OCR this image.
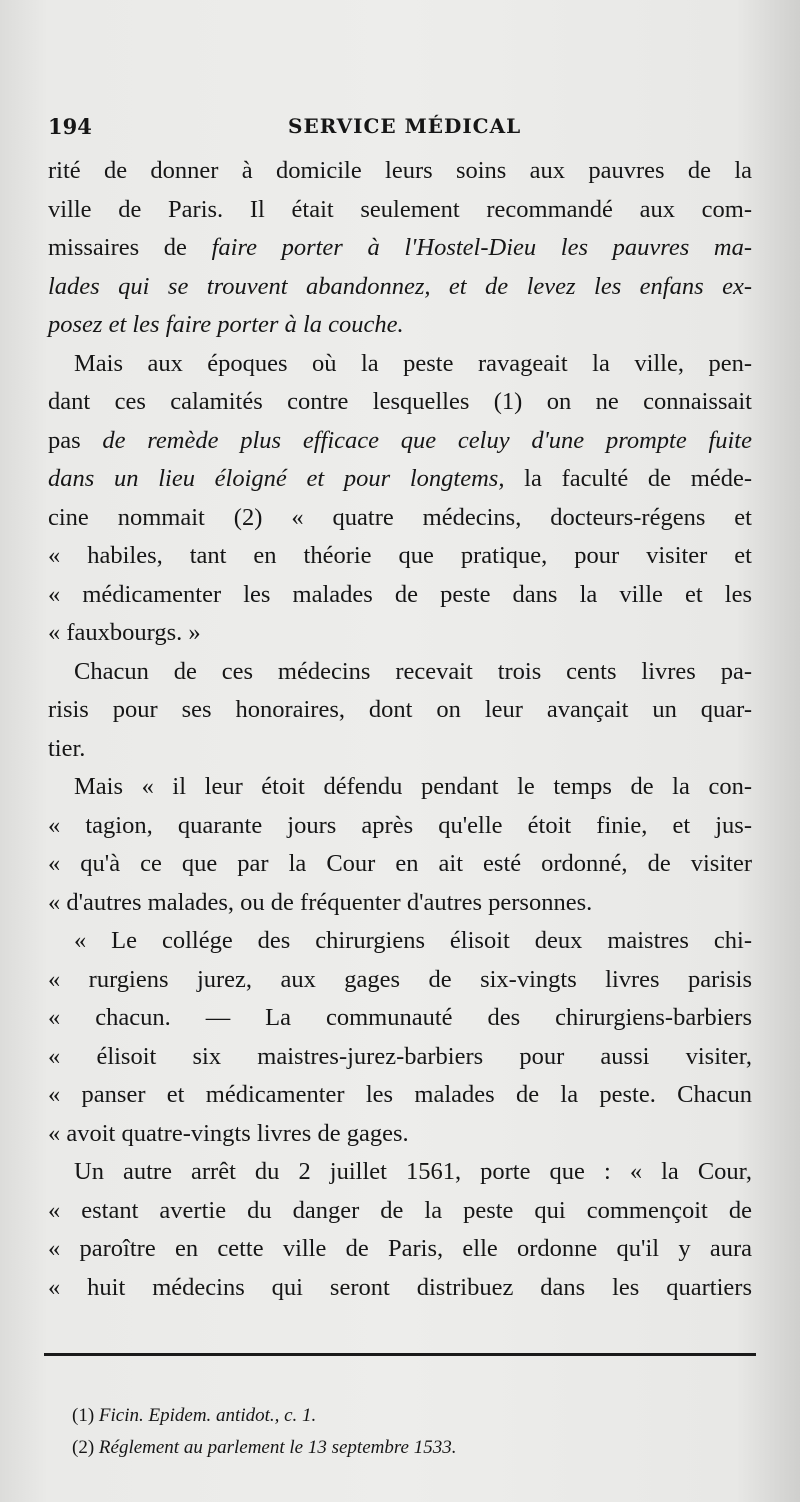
194	SERVICE MÉDICAL
rité de donner à domicile leurs soins aux pauvres de la
ville de Paris. Il était seulement recommandé aux com-
missaires de faire porter à l'Hostel-Dieu les pauvres ma-
lades qui se trouvent abandonnez, et de levez les enfans ex-
posez et les faire porter à la couche.
Mais aux époques où la peste ravageait la ville, pen-
dant ces calamités contre lesquelles (1) on ne connaissait
pas de remède plus efficace que celuy d'une prompte fuite
dans un lieu éloigné et pour longtems, la faculté de méde-
cine nommait (2) « quatre médecins, docteurs-régens et
« habiles, tant en théorie que pratique, pour visiter et
« médicamenter les malades de peste dans la ville et les
« fauxbourgs. »
Chacun de ces médecins recevait trois cents livres pa-
risis pour ses honoraires, dont on leur avançait un quar-
tier.
Mais « il leur étoit défendu pendant le temps de la con-
« tagion, quarante jours après qu'elle étoit finie, et jus-
« qu'à ce que par la Cour en ait esté ordonné, de visiter
« d'autres malades, ou de fréquenter d'autres personnes.
« Le collége des chirurgiens élisoit deux maistres chi-
« rurgiens jurez, aux gages de six-vingts livres parisis
« chacun. — La communauté des chirurgiens-barbiers
« élisoit six maistres-jurez-barbiers pour aussi visiter,
« panser et médicamenter les malades de la peste. Chacun
« avoit quatre-vingts livres de gages.
Un autre arrêt du 2 juillet 1561, porte que : « la Cour,
« estant avertie du danger de la peste qui commençoit de
« paroître en cette ville de Paris, elle ordonne qu'il y aura
« huit médecins qui seront distribuez dans les quartiers
(1) Ficin. Epidem. antidot., c. 1.
(2) Réglement au parlement le 13 septembre 1533.
